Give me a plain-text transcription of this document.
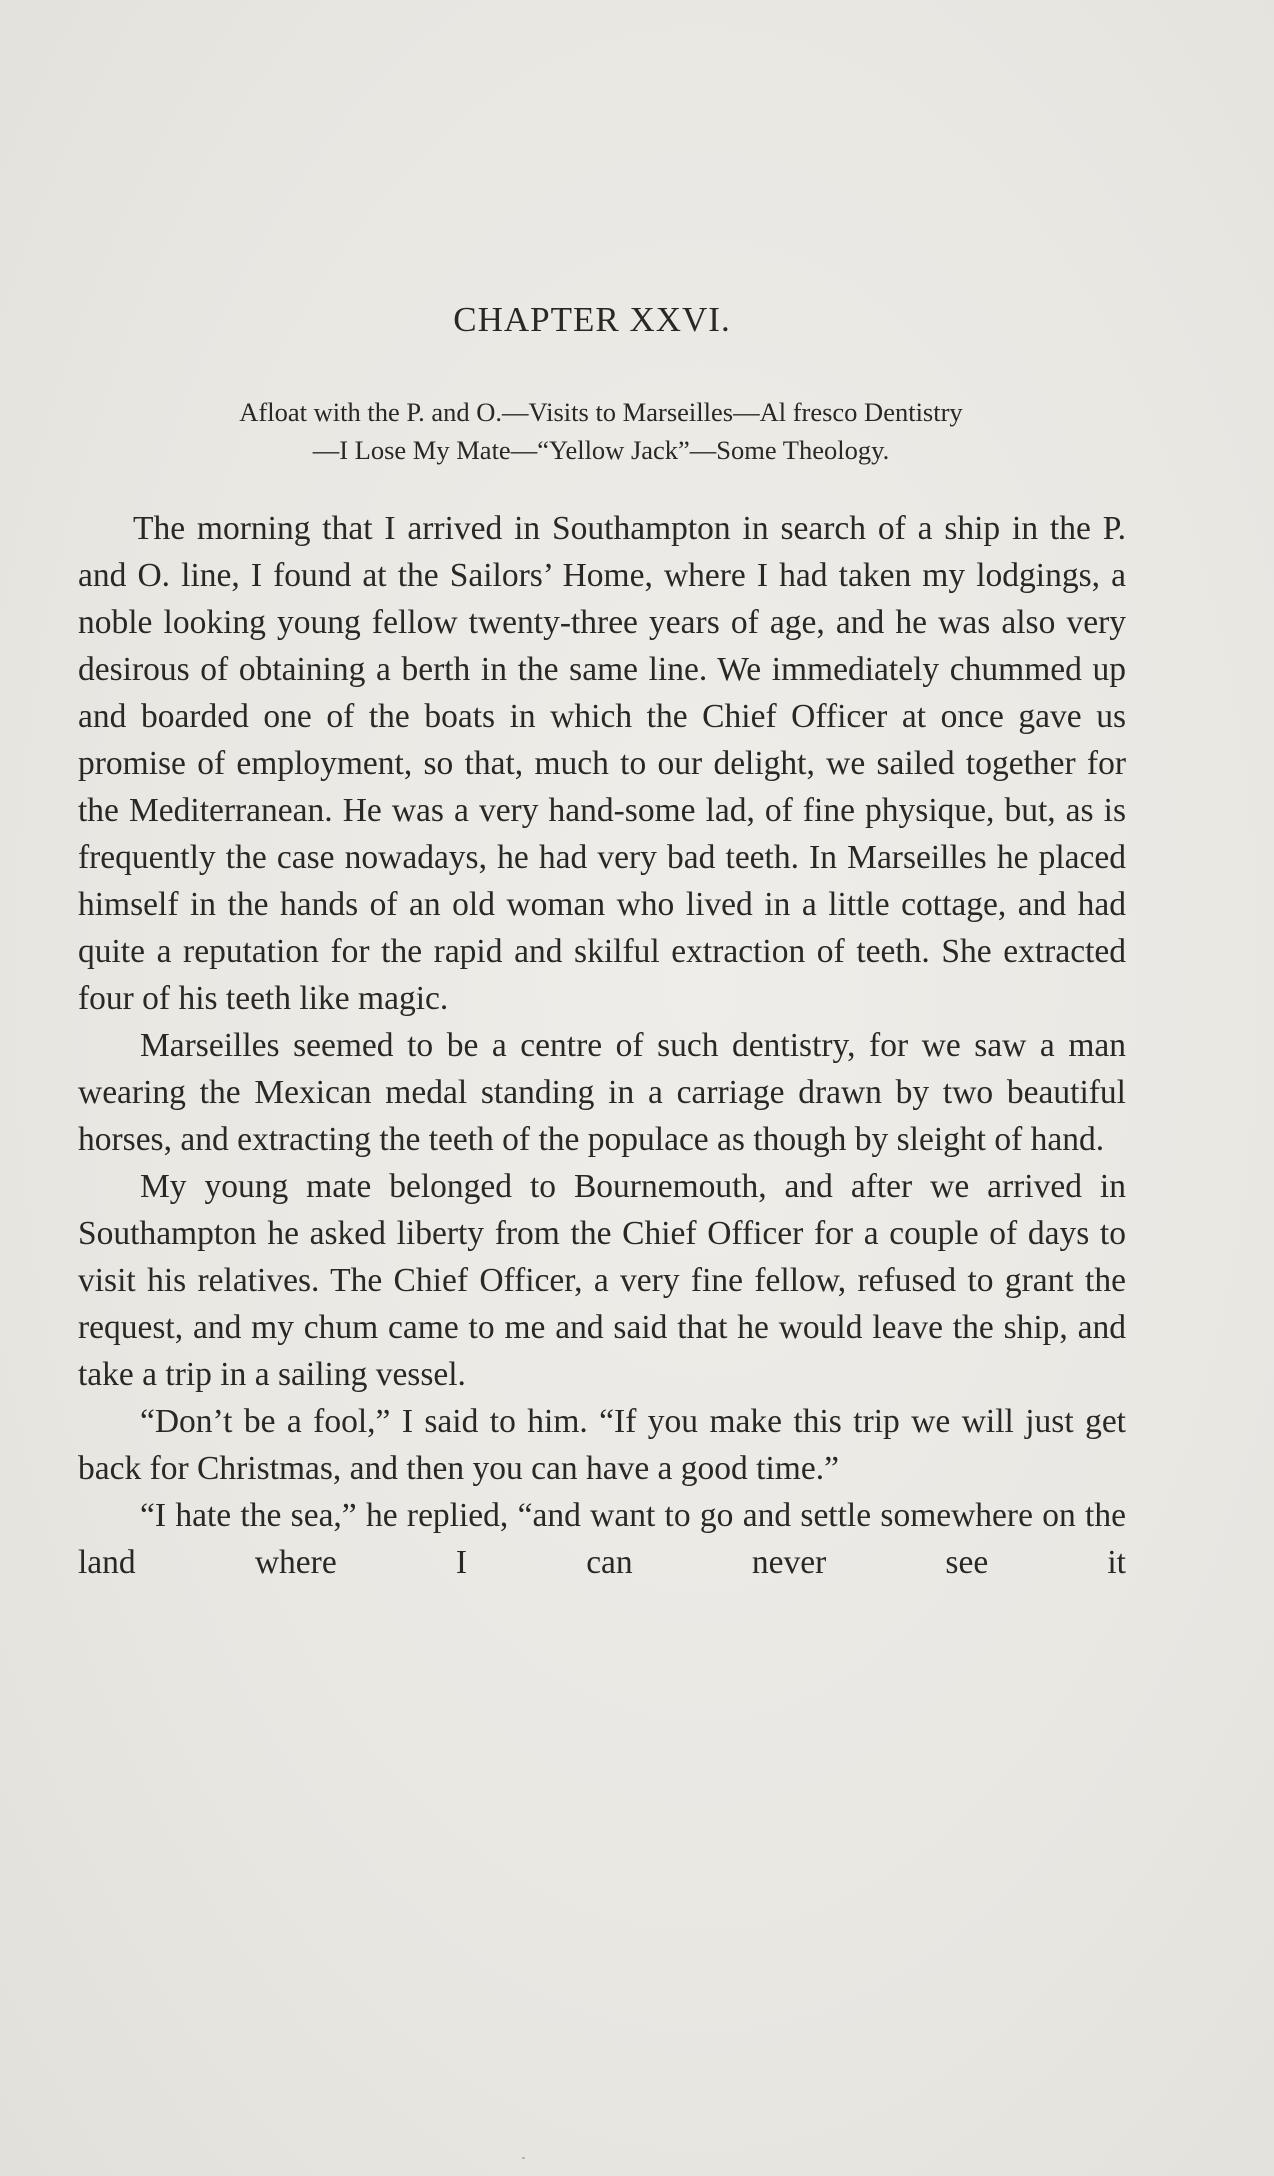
CHAPTER XXVI.
Afloat with the P. and O.—Visits to Marseilles—Al fresco Dentistry
—I Lose My Mate—“Yellow Jack”—Some Theology.

The morning that I arrived in Southampton in search of a ship in the P. and O. line, I found at the Sailors’ Home, where I had taken my lodgings, a noble looking young fellow twenty-three years of age, and he was also very desirous of obtaining a berth in the same line. We immediately chummed up and boarded one of the boats in which the Chief Officer at once gave us promise of employment, so that, much to our delight, we sailed together for the Mediterranean. He was a very hand-some lad, of fine physique, but, as is frequently the case nowadays, he had very bad teeth. In Marseilles he placed himself in the hands of an old woman who lived in a little cottage, and had quite a reputation for the rapid and skilful extraction of teeth. She extracted four of his teeth like magic.

Marseilles seemed to be a centre of such dentistry, for we saw a man wearing the Mexican medal standing in a carriage drawn by two beautiful horses, and extracting the teeth of the populace as though by sleight of hand.

My young mate belonged to Bournemouth, and after we arrived in Southampton he asked liberty from the Chief Officer for a couple of days to visit his relatives. The Chief Officer, a very fine fellow, refused to grant the request, and my chum came to me and said that he would leave the ship, and take a trip in a sailing vessel.

“Don’t be a fool,” I said to him. “If you make this trip we will just get back for Christmas, and then you can have a good time.”

“I hate the sea,” he replied, “and want to go and settle somewhere on the land where I can never see it
